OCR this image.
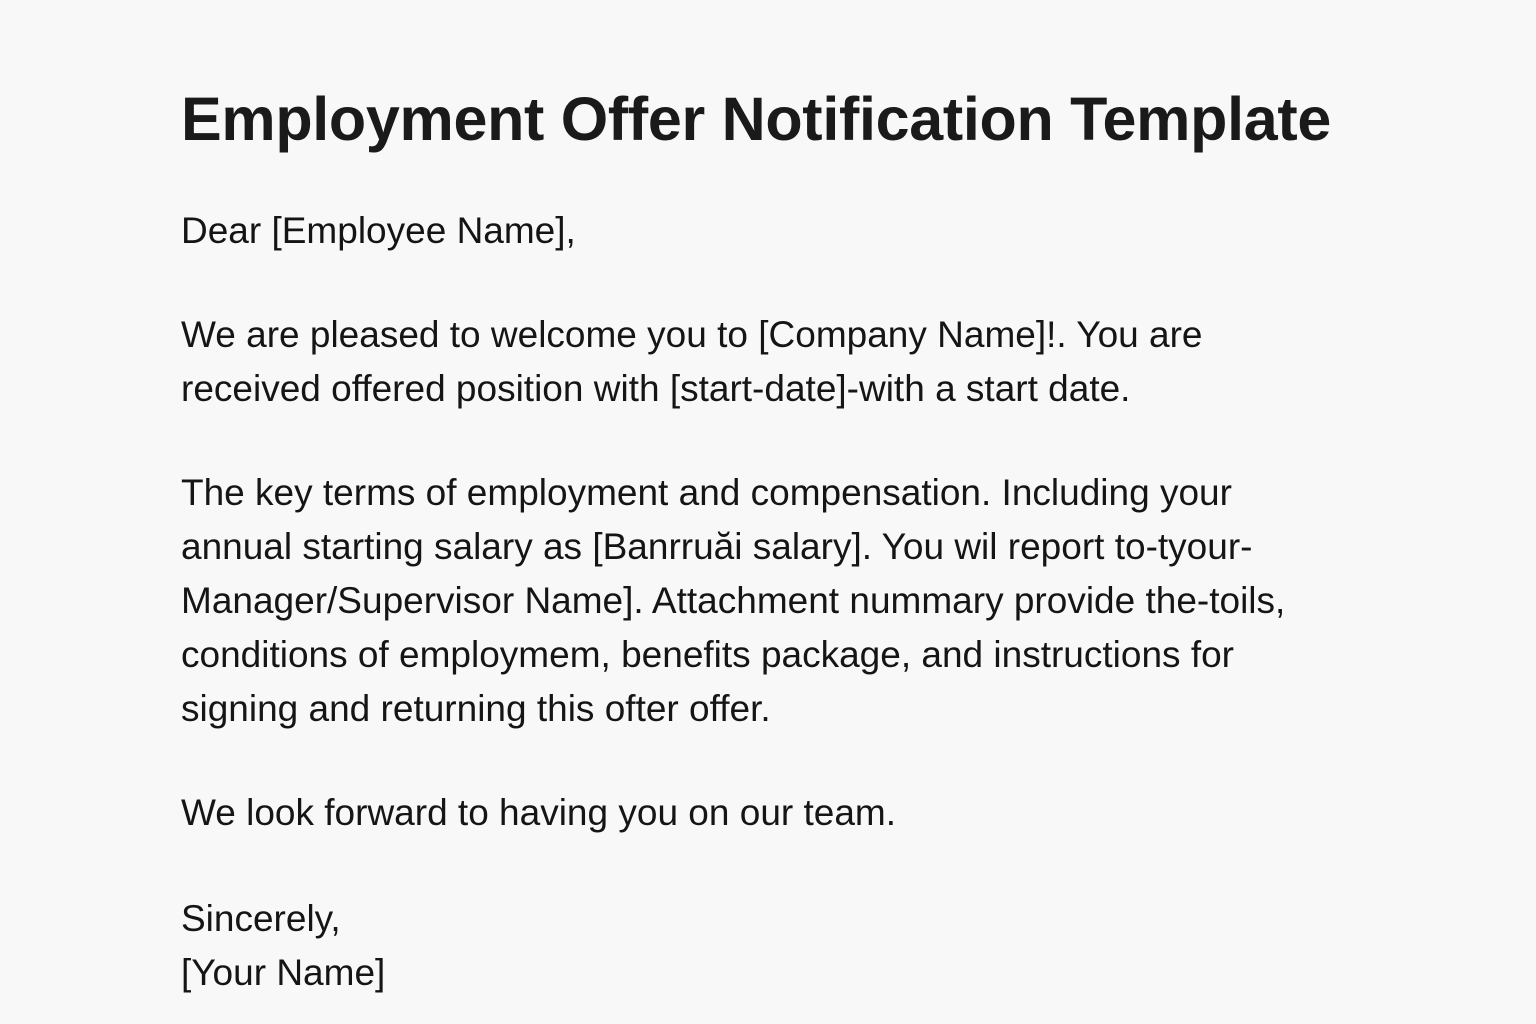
Employment Offer Notification Template
Dear [Employee Name],
We are pleased to welcome you to [Company Name]!. You are
received offered position with [start-date]-with a start date.
The key terms of employment and compensation. Including your
annual starting salary as [Banrruăi salary]. You wil report to-tyour-
Manager/Supervisor Name]. Attachment nummary provide the-toils,
conditions of employmem, benefits package, and instructions for
signing and returning this ofter offer.
We look forward to having you on our team.
Sincerely,
[Your Name]
